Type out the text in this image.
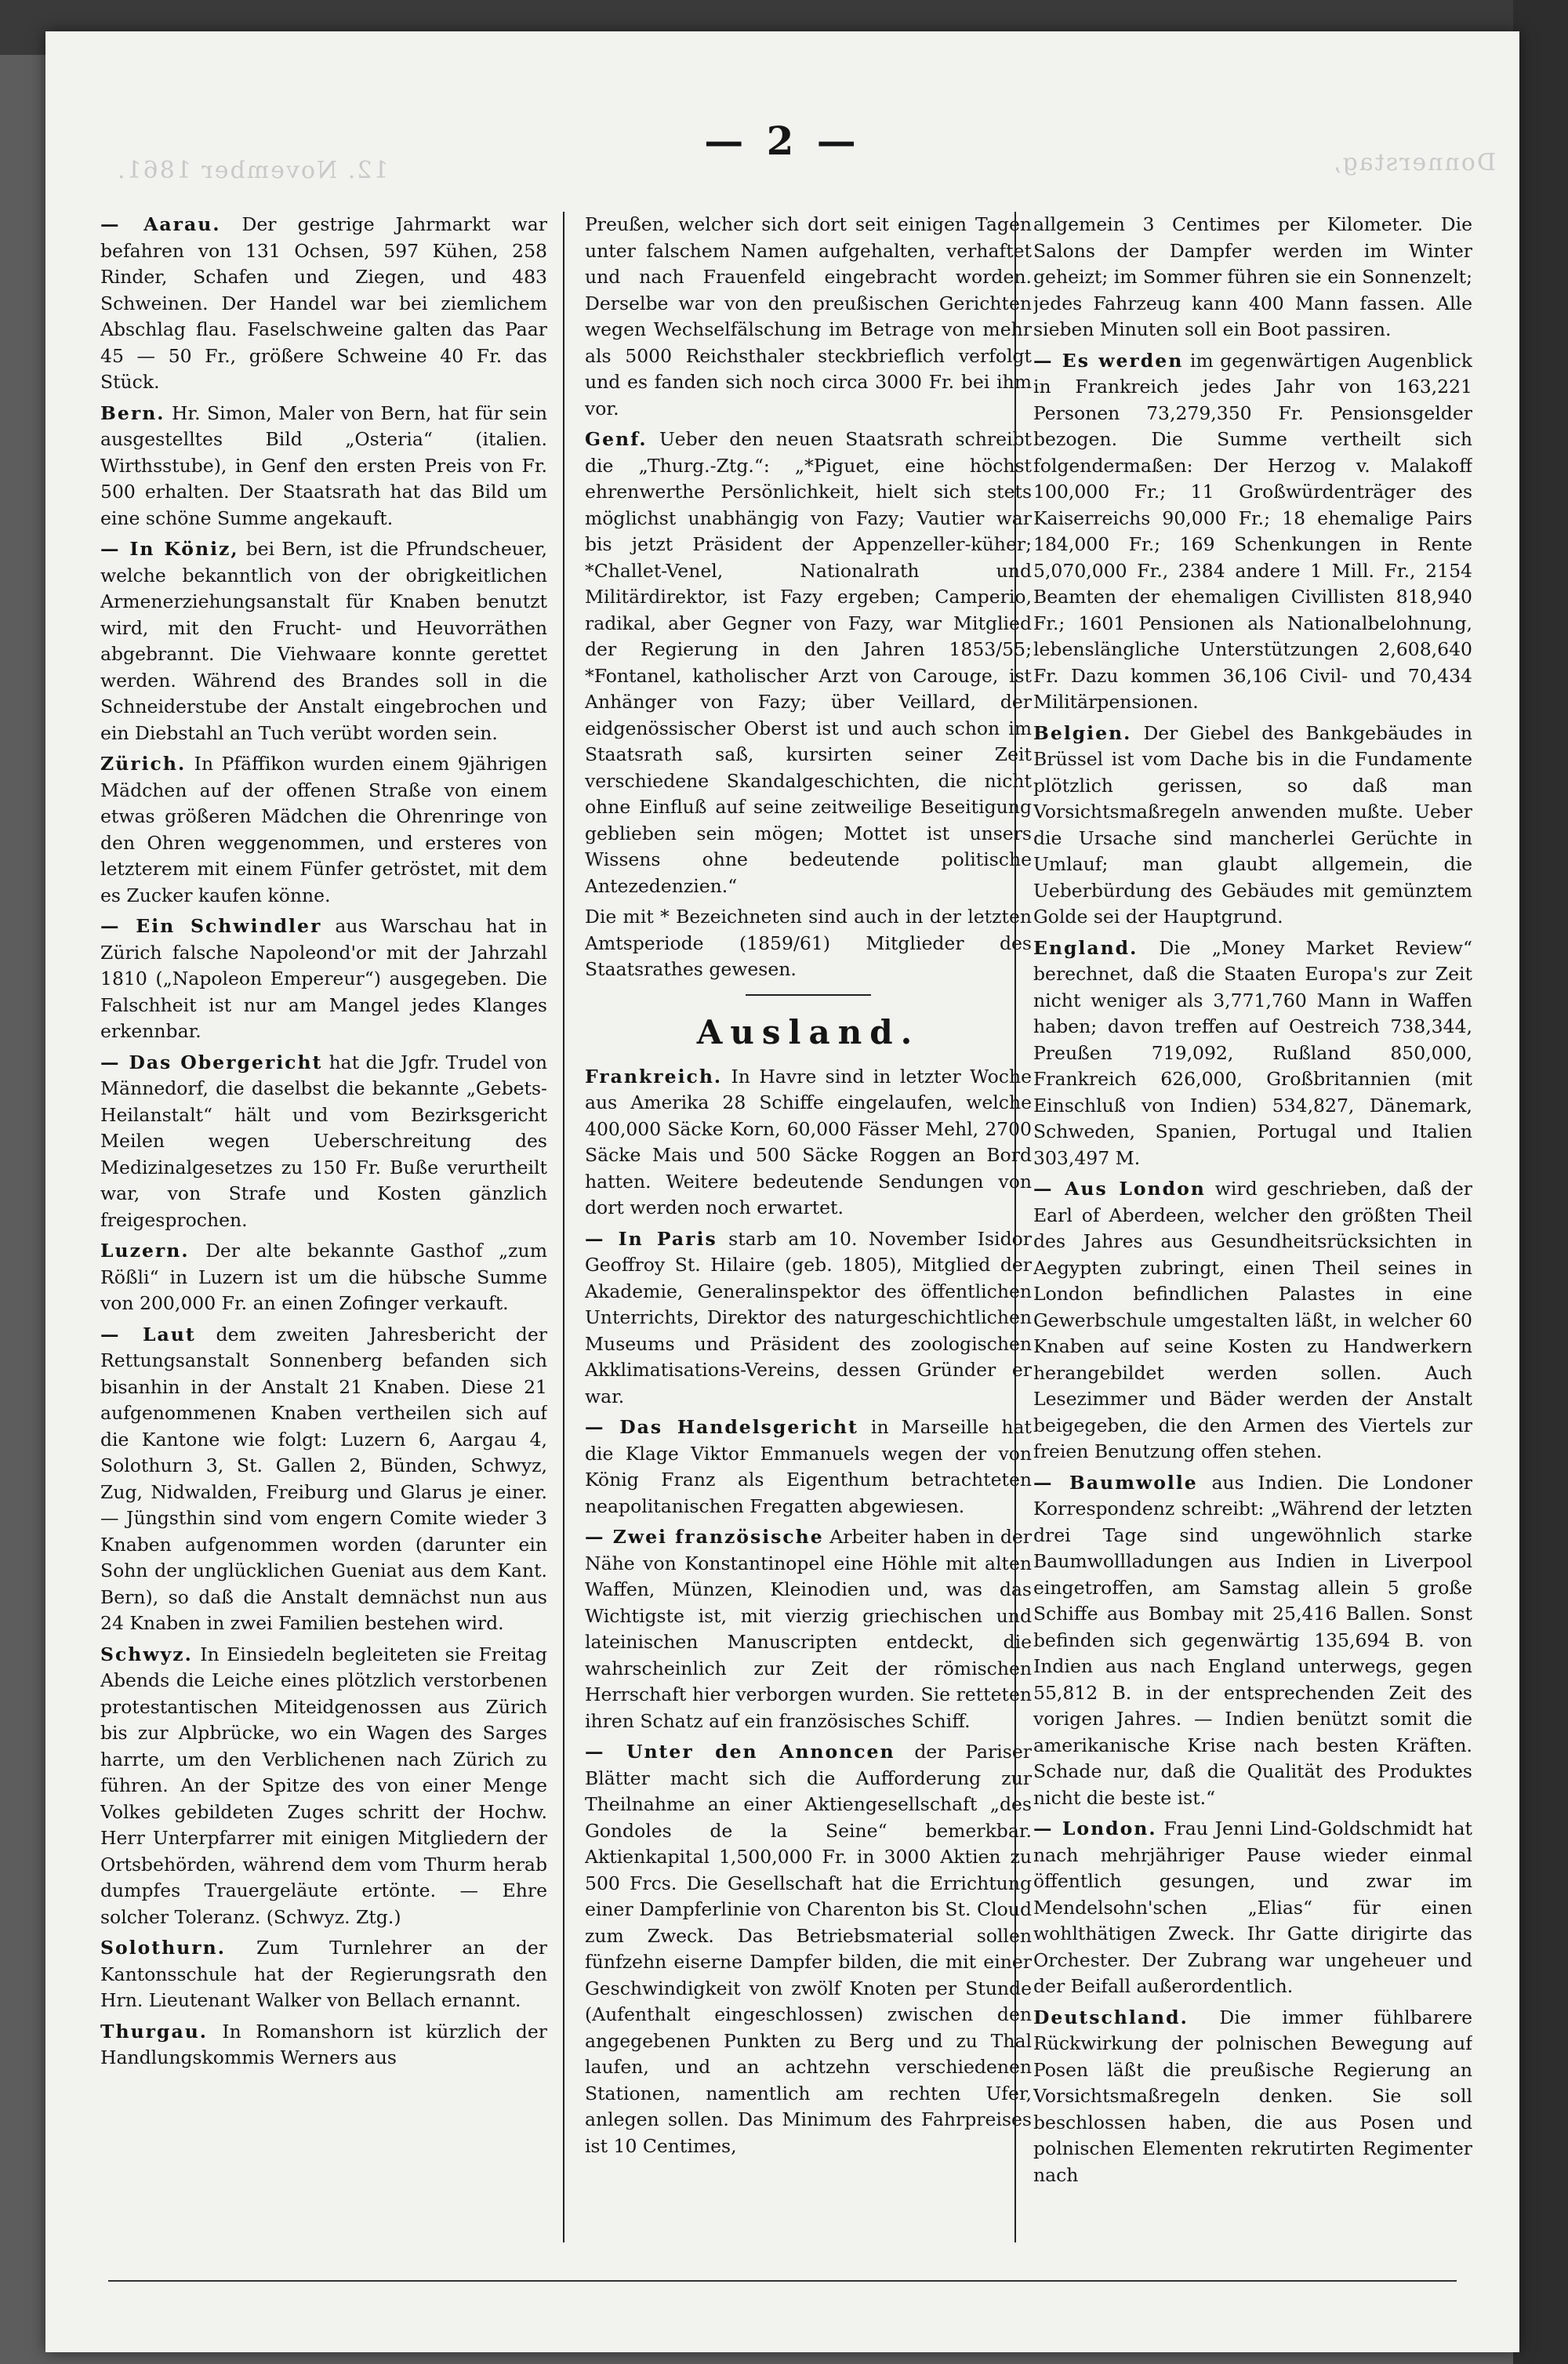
12. November 1861.	Donnerstag,
— 2 —

— Aarau. Der gestrige Jahrmarkt war befahren von 131 Ochsen, 597 Kühen, 258 Rinder, Schafen und Ziegen, und 483 Schweinen. Der Handel war bei ziemlichem Abschlag flau. Faselschweine galten das Paar 45 — 50 Fr., größere Schweine 40 Fr. das Stück.

Bern. Hr. Simon, Maler von Bern, hat für sein ausgestelltes Bild „Osteria“ (italien. Wirthsstube), in Genf den ersten Preis von Fr. 500 erhalten. Der Staatsrath hat das Bild um eine schöne Summe angekauft.

— In Köniz, bei Bern, ist die Pfrundscheuer, welche bekanntlich von der obrigkeitlichen Armenerziehungsanstalt für Knaben benutzt wird, mit den Frucht- und Heuvorräthen abgebrannt. Die Viehwaare konnte gerettet werden. Während des Brandes soll in die Schneiderstube der Anstalt eingebrochen und ein Diebstahl an Tuch verübt worden sein.

Zürich. In Pfäffikon wurden einem 9jährigen Mädchen auf der offenen Straße von einem etwas größeren Mädchen die Ohrenringe von den Ohren weggenommen, und ersteres von letzterem mit einem Fünfer getröstet, mit dem es Zucker kaufen könne.

— Ein Schwindler aus Warschau hat in Zürich falsche Napoleond'or mit der Jahrzahl 1810 („Napoleon Empereur“) ausgegeben. Die Falschheit ist nur am Mangel jedes Klanges erkennbar.

— Das Obergericht hat die Jgfr. Trudel von Männedorf, die daselbst die bekannte „Gebets-Heilanstalt“ hält und vom Bezirksgericht Meilen wegen Ueberschreitung des Medizinalgesetzes zu 150 Fr. Buße verurtheilt war, von Strafe und Kosten gänzlich freigesprochen.

Luzern. Der alte bekannte Gasthof „zum Rößli“ in Luzern ist um die hübsche Summe von 200,000 Fr. an einen Zofinger verkauft.

— Laut dem zweiten Jahresbericht der Rettungsanstalt Sonnenberg befanden sich bisanhin in der Anstalt 21 Knaben. Diese 21 aufgenommenen Knaben vertheilen sich auf die Kantone wie folgt: Luzern 6, Aargau 4, Solothurn 3, St. Gallen 2, Bünden, Schwyz, Zug, Nidwalden, Freiburg und Glarus je einer. — Jüngsthin sind vom engern Comite wieder 3 Knaben aufgenommen worden (darunter ein Sohn der unglücklichen Gueniat aus dem Kant. Bern), so daß die Anstalt demnächst nun aus 24 Knaben in zwei Familien bestehen wird.

Schwyz. In Einsiedeln begleiteten sie Freitag Abends die Leiche eines plötzlich verstorbenen protestantischen Miteidgenossen aus Zürich bis zur Alpbrücke, wo ein Wagen des Sarges harrte, um den Verblichenen nach Zürich zu führen. An der Spitze des von einer Menge Volkes gebildeten Zuges schritt der Hochw. Herr Unterpfarrer mit einigen Mitgliedern der Ortsbehörden, während dem vom Thurm herab dumpfes Trauergeläute ertönte. — Ehre solcher Toleranz. (Schwyz. Ztg.)

Solothurn. Zum Turnlehrer an der Kantonsschule hat der Regierungsrath den Hrn. Lieutenant Walker von Bellach ernannt.

Thurgau. In Romanshorn ist kürzlich der Handlungskommis Werners aus

Preußen, welcher sich dort seit einigen Tagen unter falschem Namen aufgehalten, verhaftet und nach Frauenfeld eingebracht worden. Derselbe war von den preußischen Gerichten wegen Wechselfälschung im Betrage von mehr als 5000 Reichsthaler steckbrieflich verfolgt und es fanden sich noch circa 3000 Fr. bei ihm vor.

Genf. Ueber den neuen Staatsrath schreibt die „Thurg.-Ztg.“: „*Piguet, eine höchst ehrenwerthe Persönlichkeit, hielt sich stets möglichst unabhängig von Fazy; Vautier war bis jetzt Präsident der Appenzeller-küher; *Challet-Venel, Nationalrath und Militärdirektor, ist Fazy ergeben; Camperio, radikal, aber Gegner von Fazy, war Mitglied der Regierung in den Jahren 1853/55; *Fontanel, katholischer Arzt von Carouge, ist Anhänger von Fazy; über Veillard, der eidgenössischer Oberst ist und auch schon im Staatsrath saß, kursirten seiner Zeit verschiedene Skandalgeschichten, die nicht ohne Einfluß auf seine zeitweilige Beseitigung geblieben sein mögen; Mottet ist unsers Wissens ohne bedeutende politische Antezedenzien.“

Die mit * Bezeichneten sind auch in der letzten Amtsperiode (1859/61) Mitglieder des Staatsrathes gewesen.

Ausland.

Frankreich. In Havre sind in letzter Woche aus Amerika 28 Schiffe eingelaufen, welche 400,000 Säcke Korn, 60,000 Fässer Mehl, 2700 Säcke Mais und 500 Säcke Roggen an Bord hatten. Weitere bedeutende Sendungen von dort werden noch erwartet.

— In Paris starb am 10. November Isidor Geoffroy St. Hilaire (geb. 1805), Mitglied der Akademie, Generalinspektor des öffentlichen Unterrichts, Direktor des naturgeschichtlichen Museums und Präsident des zoologischen Akklimatisations-Vereins, dessen Gründer er war.

— Das Handelsgericht in Marseille hat die Klage Viktor Emmanuels wegen der von König Franz als Eigenthum betrachteten neapolitanischen Fregatten abgewiesen.

— Zwei französische Arbeiter haben in der Nähe von Konstantinopel eine Höhle mit alten Waffen, Münzen, Kleinodien und, was das Wichtigste ist, mit vierzig griechischen und lateinischen Manuscripten entdeckt, die wahrscheinlich zur Zeit der römischen Herrschaft hier verborgen wurden. Sie retteten ihren Schatz auf ein französisches Schiff.

— Unter den Annoncen der Pariser Blätter macht sich die Aufforderung zur Theilnahme an einer Aktiengesellschaft „des Gondoles de la Seine“ bemerkbar. Aktienkapital 1,500,000 Fr. in 3000 Aktien zu 500 Frcs. Die Gesellschaft hat die Errichtung einer Dampferlinie von Charenton bis St. Cloud zum Zweck. Das Betriebsmaterial sollen fünfzehn eiserne Dampfer bilden, die mit einer Geschwindigkeit von zwölf Knoten per Stunde (Aufenthalt eingeschlossen) zwischen den angegebenen Punkten zu Berg und zu Thal laufen, und an achtzehn verschiedenen Stationen, namentlich am rechten Ufer, anlegen sollen. Das Minimum des Fahrpreises ist 10 Centimes,

allgemein 3 Centimes per Kilometer. Die Salons der Dampfer werden im Winter geheizt; im Sommer führen sie ein Sonnenzelt; jedes Fahrzeug kann 400 Mann fassen. Alle sieben Minuten soll ein Boot passiren.

— Es werden im gegenwärtigen Augenblick in Frankreich jedes Jahr von 163,221 Personen 73,279,350 Fr. Pensionsgelder bezogen. Die Summe vertheilt sich folgendermaßen: Der Herzog v. Malakoff 100,000 Fr.; 11 Großwürdenträger des Kaiserreichs 90,000 Fr.; 18 ehemalige Pairs 184,000 Fr.; 169 Schenkungen in Rente 5,070,000 Fr., 2384 andere 1 Mill. Fr., 2154 Beamten der ehemaligen Civillisten 818,940 Fr.; 1601 Pensionen als Nationalbelohnung, lebenslängliche Unterstützungen 2,608,640 Fr. Dazu kommen 36,106 Civil- und 70,434 Militärpensionen.

Belgien. Der Giebel des Bankgebäudes in Brüssel ist vom Dache bis in die Fundamente plötzlich gerissen, so daß man Vorsichtsmaßregeln anwenden mußte. Ueber die Ursache sind mancherlei Gerüchte in Umlauf; man glaubt allgemein, die Ueberbürdung des Gebäudes mit gemünztem Golde sei der Hauptgrund.

England. Die „Money Market Review“ berechnet, daß die Staaten Europa's zur Zeit nicht weniger als 3,771,760 Mann in Waffen haben; davon treffen auf Oestreich 738,344, Preußen 719,092, Rußland 850,000, Frankreich 626,000, Großbritannien (mit Einschluß von Indien) 534,827, Dänemark, Schweden, Spanien, Portugal und Italien 303,497 M.

— Aus London wird geschrieben, daß der Earl of Aberdeen, welcher den größten Theil des Jahres aus Gesundheitsrücksichten in Aegypten zubringt, einen Theil seines in London befindlichen Palastes in eine Gewerbschule umgestalten läßt, in welcher 60 Knaben auf seine Kosten zu Handwerkern herangebildet werden sollen. Auch Lesezimmer und Bäder werden der Anstalt beigegeben, die den Armen des Viertels zur freien Benutzung offen stehen.

— Baumwolle aus Indien. Die Londoner Korrespondenz schreibt: „Während der letzten drei Tage sind ungewöhnlich starke Baumwollladungen aus Indien in Liverpool eingetroffen, am Samstag allein 5 große Schiffe aus Bombay mit 25,416 Ballen. Sonst befinden sich gegenwärtig 135,694 B. von Indien aus nach England unterwegs, gegen 55,812 B. in der entsprechenden Zeit des vorigen Jahres. — Indien benützt somit die amerikanische Krise nach besten Kräften. Schade nur, daß die Qualität des Produktes nicht die beste ist.“

— London. Frau Jenni Lind-Goldschmidt hat nach mehrjähriger Pause wieder einmal öffentlich gesungen, und zwar im Mendelsohn'schen „Elias“ für einen wohlthätigen Zweck. Ihr Gatte dirigirte das Orchester. Der Zubrang war ungeheuer und der Beifall außerordentlich.

Deutschland. Die immer fühlbarere Rückwirkung der polnischen Bewegung auf Posen läßt die preußische Regierung an Vorsichtsmaßregeln denken. Sie soll beschlossen haben, die aus Posen und polnischen Elementen rekrutirten Regimenter nach
